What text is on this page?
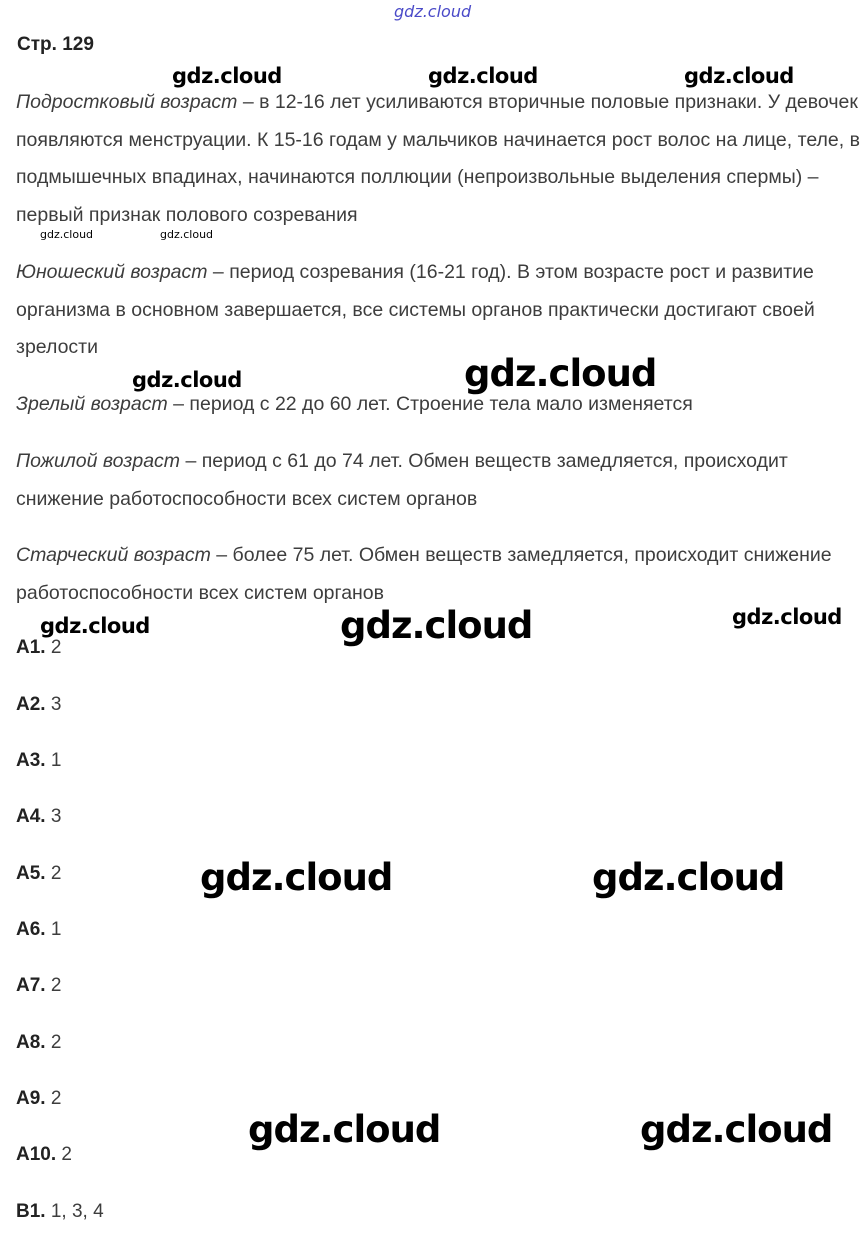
gdz.cloud
Стр. 129

Подростковый возраст – в 12-16 лет усиливаются вторичные половые признаки. У девочек появляются менструации. К 15-16 годам у мальчиков начинается рост волос на лице, теле, в подмышечных впадинах, начинаются поллюции (непроизвольные выделения спермы) – первый признак полового созревания

Юношеский возраст – период созревания (16-21 год). В этом возрасте рост и развитие организма в основном завершается, все системы органов практически достигают своей зрелости

Зрелый возраст – период с 22 до 60 лет. Строение тела мало изменяется

Пожилой возраст – период с 61 до 74 лет. Обмен веществ замедляется, происходит снижение работоспособности всех систем органов

Старческий возраст – более 75 лет. Обмен веществ замедляется, происходит снижение работоспособности всех систем органов

A1. 2
A2. 3
A3. 1
A4. 3
A5. 2
A6. 1
A7. 2
A8. 2
A9. 2
A10. 2
B1. 1, 3, 4
gdz.cloud	gdz.cloud	gdz.cloud
gdz.cloud	gdz.cloud
gdz.cloud	gdz.cloud
gdz.cloud	gdz.cloud	gdz.cloud
gdz.cloud	gdz.cloud
gdz.cloud	gdz.cloud
